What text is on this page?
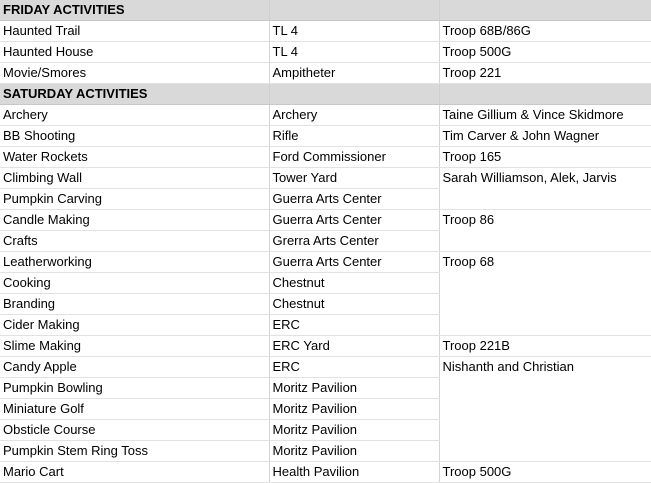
FRIDAY ACTIVITIES		
Haunted Trail	TL 4	Troop 68B/86G
Haunted House	TL 4	Troop 500G
Movie/Smores	Ampitheter	Troop 221
SATURDAY ACTIVITIES		
Archery	Archery	Taine Gillium & Vince Skidmore
BB Shooting	Rifle	Tim Carver & John Wagner
Water Rockets	Ford Commissioner	Troop 165
Climbing Wall	Tower Yard	Sarah Williamson, Alek, Jarvis
Pumpkin Carving	Guerra Arts Center	
Candle Making	Guerra Arts Center	Troop 86
Crafts	Grerra Arts Center	
Leatherworking	Guerra Arts Center	Troop 68
Cooking	Chestnut	
Branding	Chestnut	
Cider Making	ERC	
Slime Making	ERC Yard	Troop 221B
Candy Apple	ERC	Nishanth and Christian
Pumpkin Bowling	Moritz Pavilion	
Miniature Golf	Moritz Pavilion	
Obsticle Course	Moritz Pavilion	
Pumpkin Stem Ring Toss	Moritz Pavilion	
Mario Cart	Health Pavilion	Troop 500G
